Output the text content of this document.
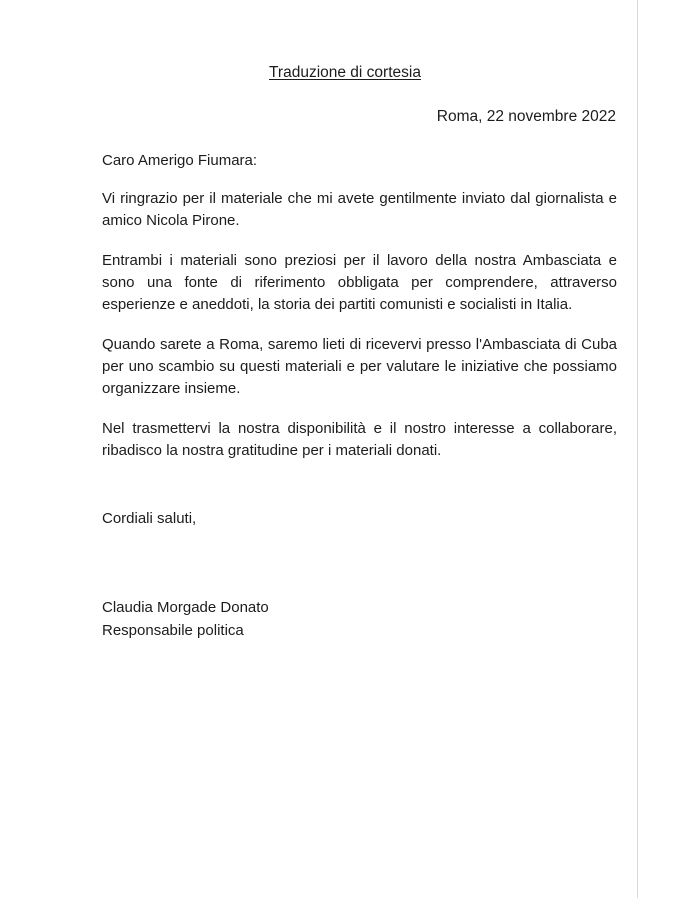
Traduzione di cortesia
Roma, 22 novembre 2022

Caro Amerigo Fiumara:

Vi ringrazio per il materiale che mi avete gentilmente inviato dal giornalista e amico Nicola Pirone.

Entrambi i materiali sono preziosi per il lavoro della nostra Ambasciata e sono una fonte di riferimento obbligata per comprendere, attraverso esperienze e aneddoti, la storia dei partiti comunisti e socialisti in Italia.

Quando sarete a Roma, saremo lieti di ricevervi presso l'Ambasciata di Cuba per uno scambio su questi materiali e per valutare le iniziative che possiamo organizzare insieme.

Nel trasmettervi la nostra disponibilità e il nostro interesse a collaborare, ribadisco la nostra gratitudine per i materiali donati.

Cordiali saluti,
Claudia Morgade Donato
Responsabile politica
